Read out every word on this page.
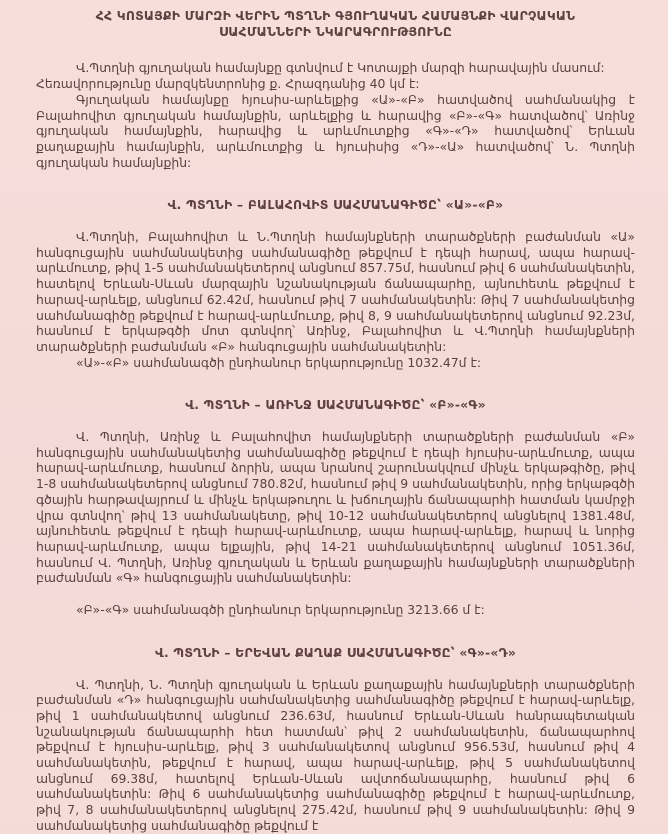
ՀՀ ԿՈՏԱՅՔԻ ՄԱՐԶԻ ՎԵՐԻՆ ՊՏՂՆԻ ԳՅՈՒՂԱԿԱՆ ՀԱՄԱՅՆՔԻ ՎԱՐՉԱԿԱՆ
ՍԱՀՄԱՆՆԵՐԻ ՆԿԱՐԱԳՐՈՒԹՅՈՒՆԸ

Վ.Պտղնի գյուղական համայնքը գտնվում է Կոտայքի մարզի հարավային մասում:

Հեռավորությունը մարզկենտրոնից ք. Հրազդանից 40 կմ է:

Գյուղական համայնքը հյուսիս-արևելքից «Ա»-«Բ» հատվածով սահմանակից է Բալահովիտ գյուղական համայնքին, արևելքից և հարավից «Բ»-«Գ» հատվածով՝ Առինջ գյուղական համայնքին, հարավից և արևմուտքից «Գ»-«Դ» հատվածով՝ Երևան քաղաքային համայնքին, արևմուտքից և հյուսիսից «Դ»-«Ա» հատվածով՝ Ն. Պտղնի գյուղական համայնքին:

Վ. ՊՏՂՆԻ – ԲԱԼԱՀՈՎԻՏ ՍԱՀՄԱՆԱԳԻԾԸ՝ «Ա»-«Բ»

Վ.Պտղնի, Բալահովիտ և Ն.Պտղնի համայնքների տարածքների բաժանման «Ա» հանգուցային սահմանակետից սահմանագիծը թեքվում է դեպի հարավ, ապա հարավ-արևմուտք, թիվ 1-5 սահմանակետերով անցնում 857.75մ, հասնում թիվ 6 սահմանակետին, հատելով Երևան-Սևան մարզային նշանակության ճանապարհը, այնուհետև թեքվում է հարավ-արևելք, անցնում 62.42մ, հասնում թիվ 7 սահմանակետին: Թիվ 7 սահմանակետից սահմանագիծը թեքվում է հարավ-արևմուտք, թիվ 8, 9 սահմանակետերով անցնում 92.23մ, հասնում է երկաթգծի մոտ գտնվող՝ Առինջ, Բալահովիտ և Վ.Պտղնի համայնքների տարածքների բաժանման «Բ» հանգուցային սահմանակետին:

«Ա»-«Բ» սահմանագծի ընդհանուր երկարությունը 1032.47մ է:

Վ. ՊՏՂՆԻ – ԱՌԻՆՋ ՍԱՀՄԱՆԱԳԻԾԸ՝ «Բ»-«Գ»

Վ. Պտղնի, Առինջ և Բալահովիտ համայնքների տարածքների բաժանման «Բ» հանգուցային սահմանակետից սահմանագիծը թեքվում է դեպի հյուսիս-արևմուտք, ապա հարավ-արևմուտք, հասնում ձորին, ապա նրանով շարունակվում մինչև երկաթգիծը, թիվ 1-8 սահմանակետերով անցնում 780.82մ, հասնում թիվ 9 սահմանակետին, որից երկաթգծի գծային հարթավայրում և մինչև երկաթուղու և խճուղային ճանապարհի հատման կամրջի վրա գտնվող՝ թիվ 13 սահմանակետը, թիվ 10-12 սահմանակետերով անցնելով 1381.48մ, այնուհետև թեքվում է դեպի հարավ-արևմուտք, ապա հարավ-արևելք, հարավ և նորից հարավ-արևմուտք, ապա ելքային, թիվ 14-21 սահմանակետերով անցնում 1051.36մ, հասնում Վ. Պտղնի, Առինջ գյուղական և Երևան քաղաքային համայնքների տարածքների բաժանման «Գ» հանգուցային սահմանակետին:

«Բ»-«Գ» սահմանագծի ընդհանուր երկարությունը 3213.66 մ է:

Վ. ՊՏՂՆԻ – ԵՐԵՎԱՆ ՔԱՂԱՔ ՍԱՀՄԱՆԱԳԻԾԸ՝ «Գ»-«Դ»

Վ. Պտղնի, Ն. Պտղնի գյուղական և Երևան քաղաքային համայնքների տարածքների բաժանման «Դ» հանգուցային սահմանակետից սահմանագիծը թեքվում է հարավ-արևելք, թիվ 1 սահմանակետով անցնում 236.63մ, հասնում Երևան-Սևան հանրապետական նշանակության ճանապարհի հետ հատման՝ թիվ 2 սահմանակետին, ճանապարհով թեքվում է հյուսիս-արևելք, թիվ 3 սահմանակետով անցնում 956.53մ, հասնում թիվ 4 սահմանակետին, թեքվում է հարավ, ապա հարավ-արևելք, թիվ 5 սահմանակետով անցնում 69.38մ, հատելով Երևան-Սևան ավտոճանապարհը, հասնում թիվ 6 սահմանակետին: Թիվ 6 սահմանակետից սահմանագիծը թեքվում է հարավ-արևմուտք, թիվ 7, 8 սահմանակետերով անցնելով 275.42մ, հասնում թիվ 9 սահմանակետին: Թիվ 9 սահմանակետից սահմանագիծը թեքվում է
